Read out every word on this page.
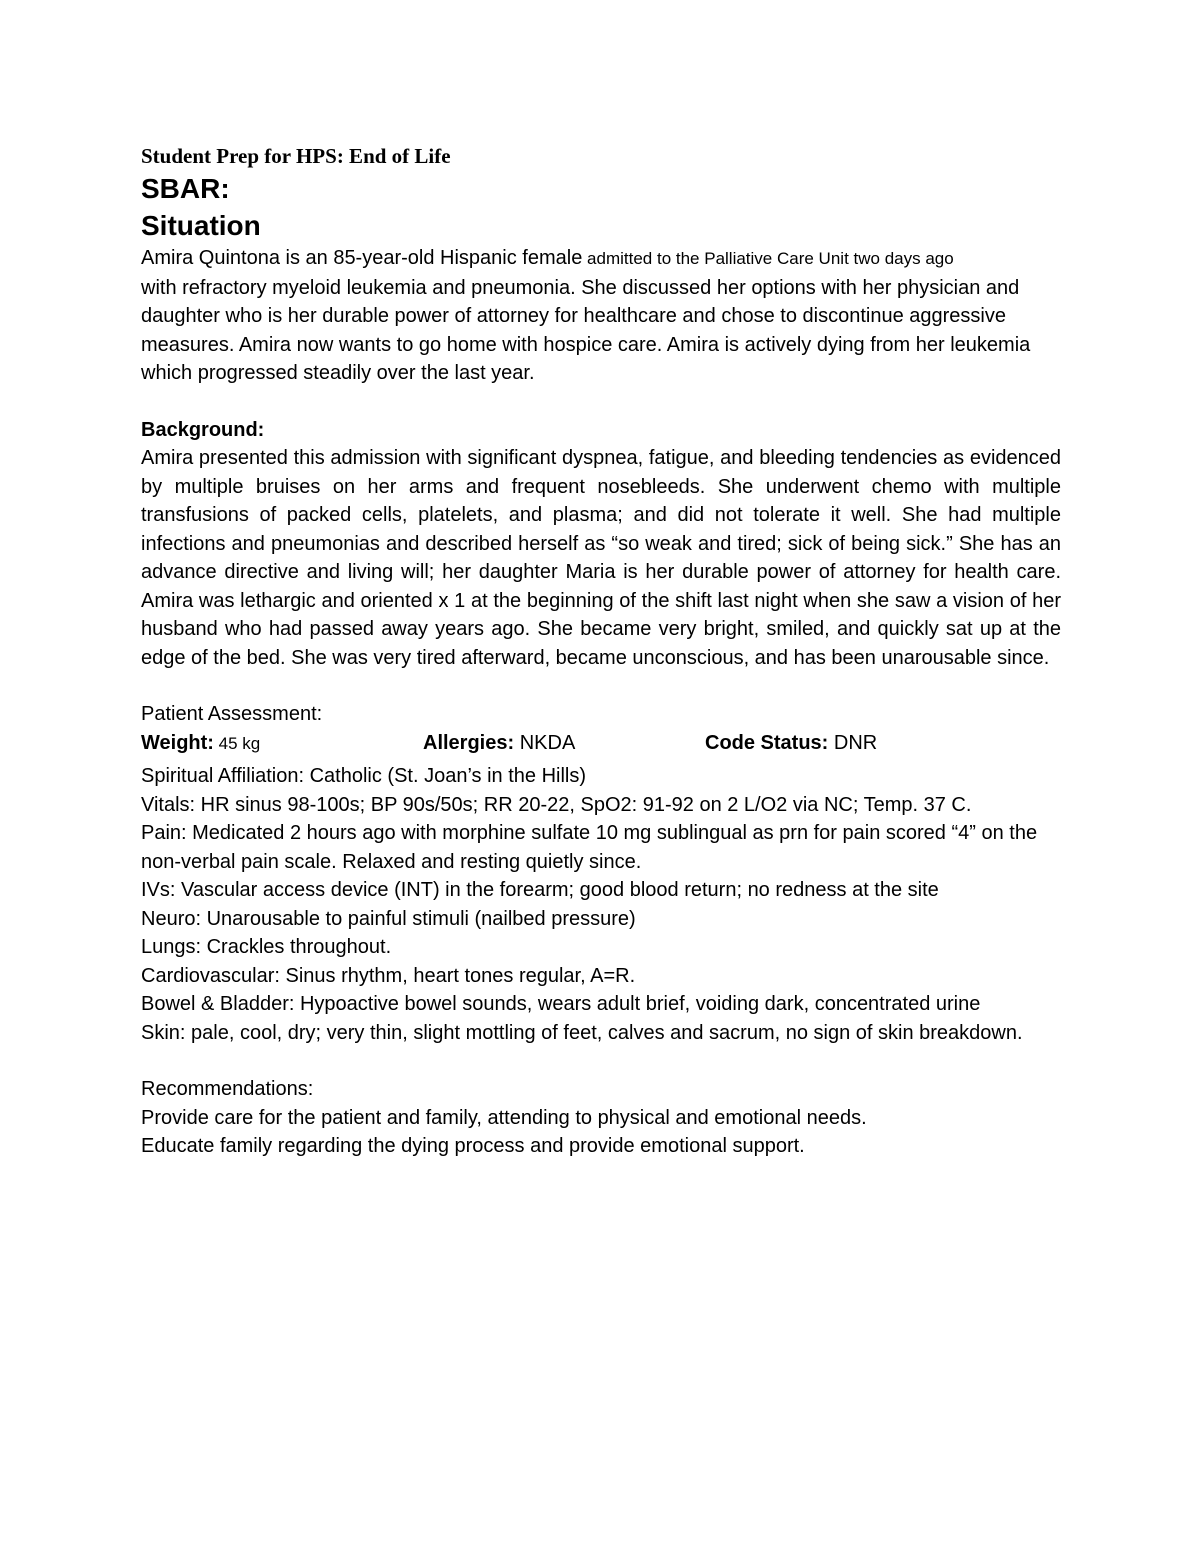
Student Prep for HPS: End of Life
SBAR:
Situation

Amira Quintona is an 85-year-old Hispanic female admitted to the Palliative Care Unit two days ago
with refractory myeloid leukemia and pneumonia. She discussed her options with her physician and daughter who is her durable power of attorney for healthcare and chose to discontinue aggressive measures. Amira now wants to go home with hospice care. Amira is actively dying from her leukemia which progressed steadily over the last year.

Background:

Amira presented this admission with significant dyspnea, fatigue, and bleeding tendencies as evidenced by multiple bruises on her arms and frequent nosebleeds. She underwent chemo with multiple transfusions of packed cells, platelets, and plasma; and did not tolerate it well. She had multiple infections and pneumonias and described herself as “so weak and tired; sick of being sick.” She has an advance directive and living will; her daughter Maria is her durable power of attorney for health care. Amira was lethargic and oriented x 1 at the beginning of the shift last night when she saw a vision of her husband who had passed away years ago. She became very bright, smiled, and quickly sat up at the edge of the bed. She was very tired afterward, became unconscious, and has been unarousable since.

Patient Assessment:

Weight: 45 kg	Allergies: NKDA	Code Status: DNR

Spiritual Affiliation: Catholic (St. Joan’s in the Hills)

Vitals: HR sinus 98-100s; BP 90s/50s; RR 20-22, SpO2: 91-92 on 2 L/O2 via NC; Temp. 37 C.

Pain: Medicated 2 hours ago with morphine sulfate 10 mg sublingual as prn for pain scored “4” on the non-verbal pain scale. Relaxed and resting quietly since.

IVs: Vascular access device (INT) in the forearm; good blood return; no redness at the site

Neuro: Unarousable to painful stimuli (nailbed pressure)

Lungs: Crackles throughout.

Cardiovascular: Sinus rhythm, heart tones regular, A=R.

Bowel & Bladder: Hypoactive bowel sounds, wears adult brief, voiding dark, concentrated urine

Skin: pale, cool, dry; very thin, slight mottling of feet, calves and sacrum, no sign of skin breakdown.

Recommendations:

Provide care for the patient and family, attending to physical and emotional needs.

Educate family regarding the dying process and provide emotional support.
